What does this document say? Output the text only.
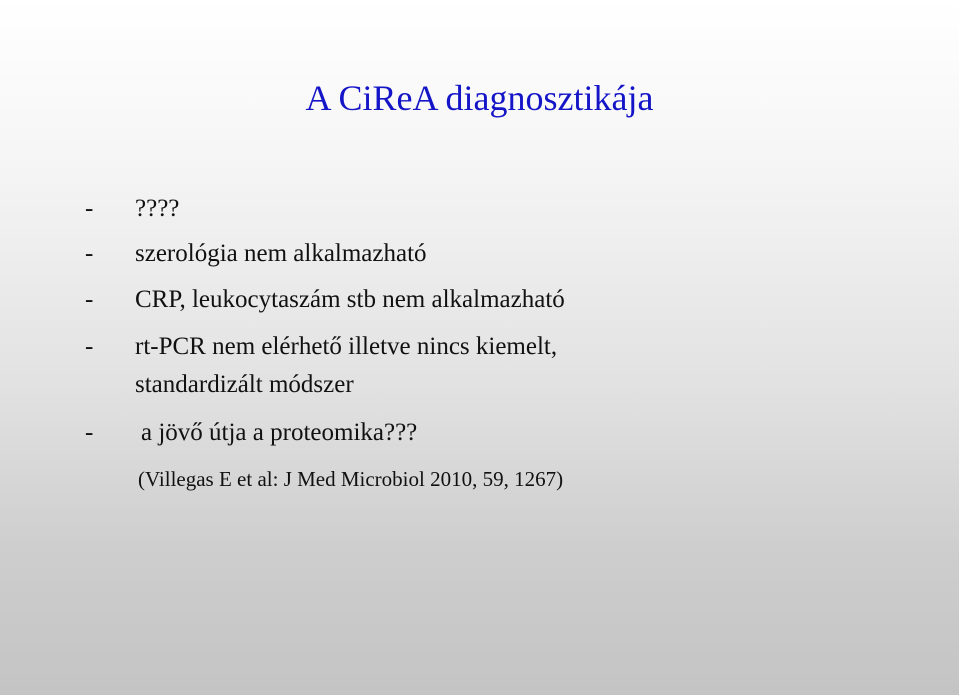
A CiReA diagnosztikája
- ????
- szerológia nem alkalmazható
- CRP, leukocytaszám stb nem alkalmazható
- rt-PCR nem elérhető illetve nincs kiemelt,
standardizált módszer
- a jövő útja a proteomika???
(Villegas E et al: J Med Microbiol 2010, 59, 1267)
